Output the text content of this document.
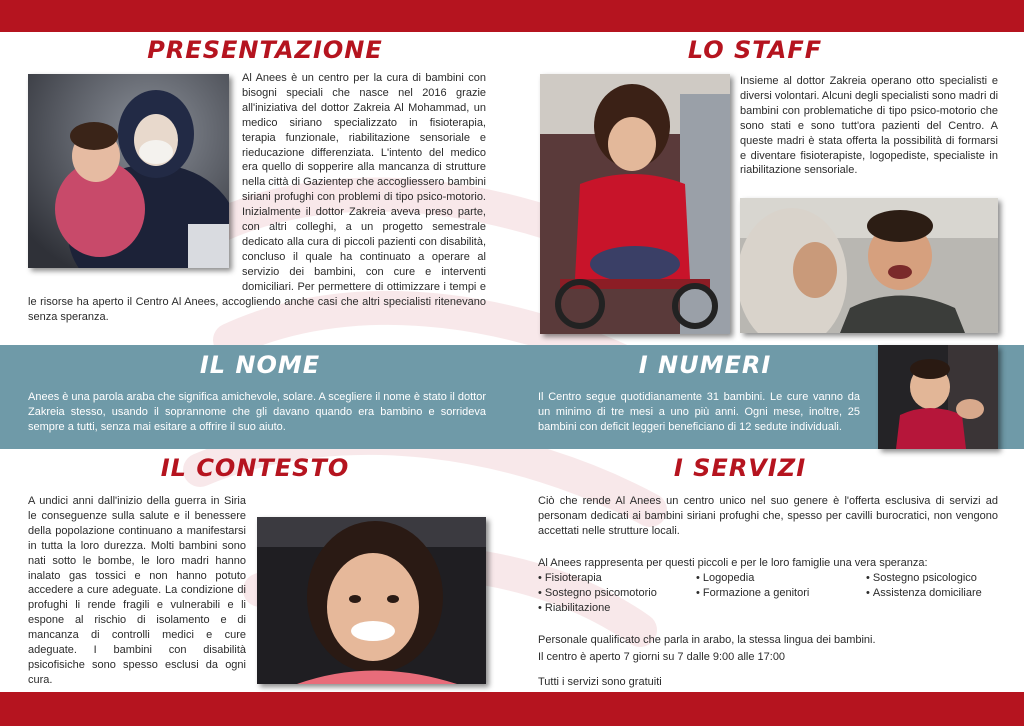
PRESENTAZIONE
Al Anees è un centro per la cura di bambini con bisogni speciali che nasce nel 2016 grazie all'iniziativa del dottor Zakreia Al Mohammad, un medico siriano specializzato in fisioterapia, terapia funzionale, riabilitazione sensoriale e rieducazione differenziata. L'intento del medico era quello di sopperire alla mancanza di strutture nella città di Gazientep che accogliessero bambini siriani profughi con problemi di tipo psico-motorio. Inizialmente il dottor Zakreia aveva preso parte, con altri colleghi, a un progetto semestrale dedicato alla cura di piccoli pazienti con disabilità, concluso il quale ha continuato a operare al servizio dei bambini, con cure e interventi domiciliari. Per permettere di ottimizzare i tempi e le risorse ha aperto il Centro Al Anees, accogliendo anche casi che altri specialisti ritenevano senza speranza.
LO STAFF
Insieme al dottor Zakreia operano otto specialisti e diversi volontari. Alcuni degli specialisti sono madri di bambini con problematiche di tipo psico-motorio che sono stati e sono tutt'ora pazienti del Centro. A queste madri è stata offerta la possibilità di formarsi e diventare fisioterapiste, logopediste, specialiste in riabilitazione sensoriale.
IL NOME
Anees è una parola araba che significa amichevole, solare. A scegliere il nome è stato il dottor Zakreia stesso, usando il soprannome che gli davano quando era bambino e sorrideva sempre a tutti, senza mai esitare a offrire il suo aiuto.
I NUMERI
Il Centro segue quotidianamente 31 bambini. Le cure vanno da un minimo di tre mesi a uno più anni. Ogni mese, inoltre, 25 bambini con deficit leggeri beneficiano di 12 sedute individuali.
IL CONTESTO
A undici anni dall'inizio della guerra in Siria le conseguenze sulla salute e il benessere della popolazione continuano a manifestarsi in tutta la loro durezza. Molti bambini sono nati sotto le bombe, le loro madri hanno inalato gas tossici e non hanno potuto accedere a cure adeguate. La condizione di profughi li rende fragili e vulnerabili e li espone al rischio di isolamento e di mancanza di controlli medici e cure adeguate. I bambini con disabilità psicofisiche sono spesso esclusi da ogni cura.
I SERVIZI
Ciò che rende Al Anees un centro unico nel suo genere è l'offerta esclusiva di servizi ad personam dedicati ai bambini siriani profughi che, spesso per cavilli burocratici, non vengono accettati nelle strutture locali.
Al Anees rappresenta per questi piccoli e per le loro famiglie una vera speranza:
• Fisioterapia
• Sostegno psicomotorio
• Riabilitazione
• Logopedia
• Formazione a genitori
• Sostegno psicologico
• Assistenza domiciliare
Personale qualificato che parla in arabo, la stessa lingua dei bambini.
Il centro è aperto 7 giorni su 7 dalle 9:00 alle 17:00
Tutti i servizi sono gratuiti
